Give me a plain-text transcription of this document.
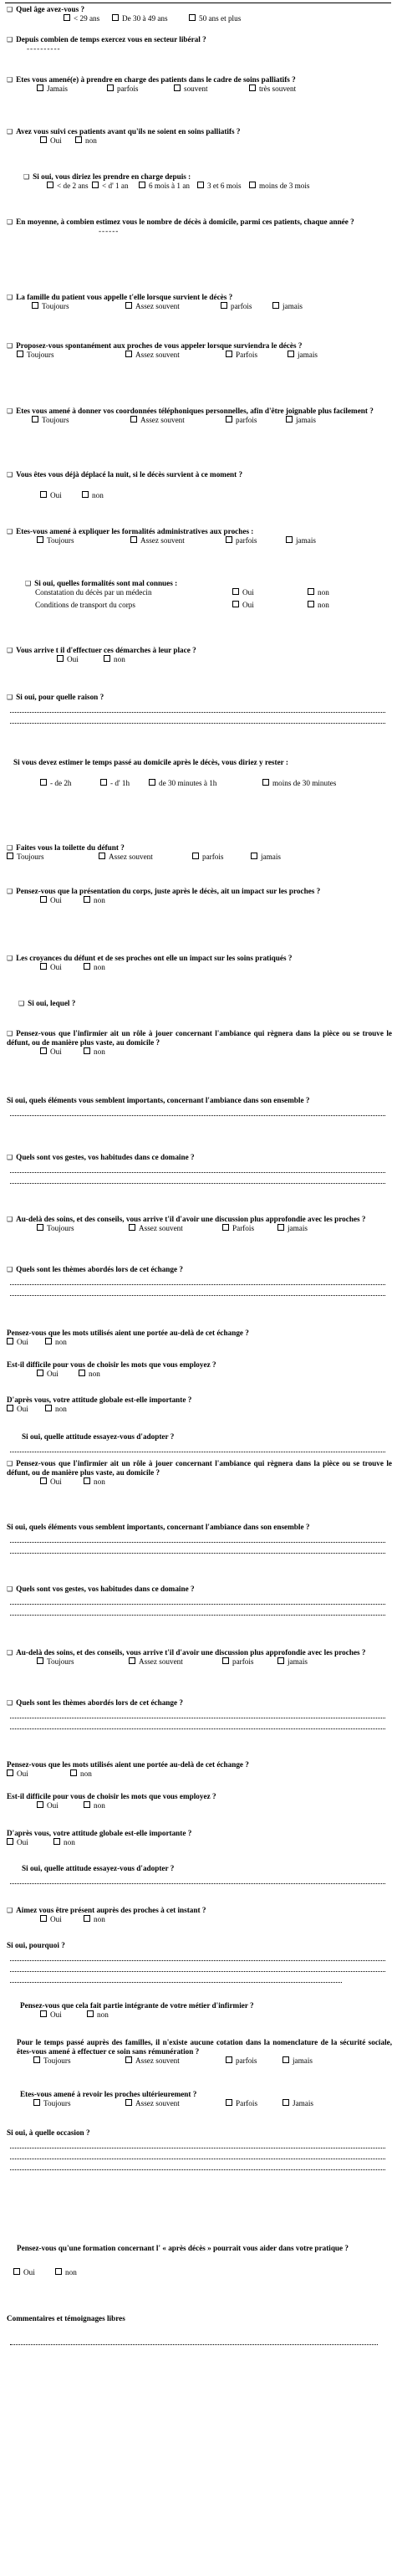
❑ Quel âge avez-vous ?
< 29 ans	De 30 à 49 ans	50 ans et plus
❑ Depuis combien de temps exercez vous en secteur libéral ?
----------
❑ Etes vous amené(e) à prendre en charge des patients dans le cadre de soins palliatifs ?
Jamais	parfois	souvent	très souvent
❑ Avez vous suivi ces patients avant qu'ils ne soient en soins palliatifs ?
Oui	non
❑ Si oui, vous diriez les prendre en charge depuis :
< de 2 ans	< d' 1 an	6 mois à 1 an	3 et 6 mois	moins de 3 mois
❑ En moyenne, à combien estimez vous le nombre de décès à domicile, parmi ces patients, chaque année ?
------
❑ La famille du patient vous appelle t'elle lorsque survient le décès ?
Toujours	Assez souvent	parfois	jamais
❑ Proposez-vous spontanément aux proches de vous appeler lorsque surviendra le décès ?
Toujours	Assez souvent	Parfois	jamais
❑ Etes vous amené à donner vos coordonnées téléphoniques personnelles, afin d'être joignable plus facilement ?
Toujours	Assez souvent	parfois	jamais
❑ Vous êtes vous déjà déplacé la nuit, si le décès survient à ce moment ?
Oui	non
❑ Etes-vous amené à expliquer les formalités administratives aux proches :
Toujours	Assez souvent	parfois	jamais
❑ Si oui, quelles formalités sont mal connues :
Constatation du décès par un médecin	Oui	non
Conditions de transport du corps	Oui	non
❑ Vous arrive t il d'effectuer ces démarches à leur place ?
Oui	non
❑ Si oui, pour quelle raison ?
Si vous devez estimer le temps passé au domicile après le décès, vous diriez y rester :
- de 2h	- d' 1h	de 30 minutes à 1h	moins de 30 minutes
❑ Faites vous la toilette du défunt ?
Toujours	Assez souvent	parfois	jamais
❑ Pensez-vous que la présentation du corps, juste après le décès, ait un impact sur les proches ?
Oui	non
❑ Les croyances du défunt et de ses proches ont elle un impact sur les soins pratiqués ?
Oui	non
❑ Si oui, lequel ?
❑ Pensez-vous que l'infirmier ait un rôle à jouer concernant l'ambiance qui règnera dans la pièce ou se trouve le défunt, ou de manière plus vaste, au domicile ?
Oui	non
Si oui, quels éléments vous semblent importants, concernant l'ambiance dans son ensemble ?
❑ Quels sont vos gestes, vos habitudes dans ce domaine ?
❑ Au-delà des soins, et des conseils, vous arrive t'il d'avoir une discussion plus approfondie avec les proches ?
Toujours	Assez souvent	Parfois	jamais
❑ Quels sont les thèmes abordés lors de cet échange ?
Pensez-vous que les mots utilisés aient une portée au-delà de cet échange ?
Oui	non
Est-il difficile pour vous de choisir les mots que vous employez ?
Oui	non
D'après vous, votre attitude globale est-elle importante ?
Oui	non
Si oui, quelle attitude essayez-vous d'adopter ?
❑ Pensez-vous que l'infirmier ait un rôle à jouer concernant l'ambiance qui règnera dans la pièce ou se trouve le défunt, ou de manière plus vaste, au domicile ?
Oui	non
Si oui, quels éléments vous semblent importants, concernant l'ambiance dans son ensemble ?
❑ Quels sont vos gestes, vos habitudes dans ce domaine ?
❑ Au-delà des soins, et des conseils, vous arrive t'il d'avoir une discussion plus approfondie avec les proches ?
Toujours	Assez souvent	parfois	jamais
❑ Quels sont les thèmes abordés lors de cet échange ?
Pensez-vous que les mots utilisés aient une portée au-delà de cet échange ?
Oui	non
Est-il difficile pour vous de choisir les mots que vous employez ?
Oui	non
D'après vous, votre attitude globale est-elle importante ?
Oui	non
Si oui, quelle attitude essayez-vous d'adopter ?
❑ Aimez vous être présent auprès des proches à cet instant ?
Oui	non
Si oui, pourquoi ?
Pensez-vous que cela fait partie intégrante de votre métier d'infirmier ?
Oui	non
Pour le temps passé auprès des familles, il n'existe aucune cotation dans la nomenclature de la sécurité sociale, êtes-vous amené à effectuer ce soin sans rémunération ?
Toujours	Assez souvent	parfois	jamais
Etes-vous amené à revoir les proches ultérieurement ?
Toujours	Assez souvent	Parfois	Jamais
Si oui, à quelle occasion ?
Pensez-vous qu'une formation concernant l' « après décès » pourrait vous aider dans votre pratique ?
Oui	non
Commentaires et témoignages libres
